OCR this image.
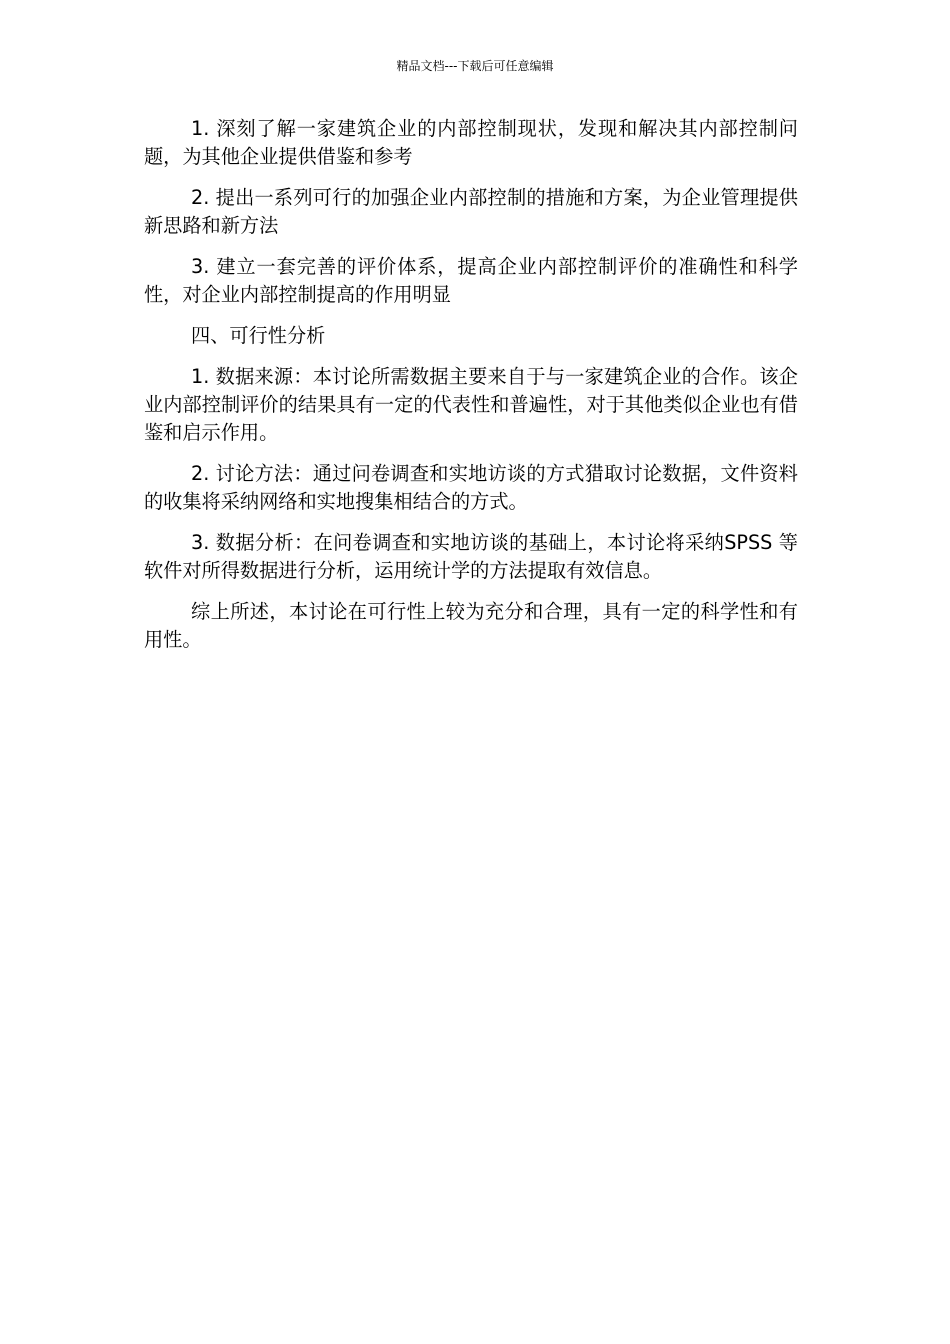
精品文档---下载后可任意编辑

1. 深刻了解一家建筑企业的内部控制现状，发现和解决其内部控制问题，为其他企业提供借鉴和参考

2. 提出一系列可行的加强企业内部控制的措施和方案，为企业管理提供新思路和新方法

3. 建立一套完善的评价体系，提高企业内部控制评价的准确性和科学性，对企业内部控制提高的作用明显

四、可行性分析

1. 数据来源：本讨论所需数据主要来自于与一家建筑企业的合作。该企业内部控制评价的结果具有一定的代表性和普遍性，对于其他类似企业也有借鉴和启示作用。

2. 讨论方法：通过问卷调查和实地访谈的方式猎取讨论数据，文件资料的收集将采纳网络和实地搜集相结合的方式。

3. 数据分析：在问卷调查和实地访谈的基础上，本讨论将采纳SPSS 等软件对所得数据进行分析，运用统计学的方法提取有效信息。

综上所述，本讨论在可行性上较为充分和合理，具有一定的科学性和有用性。
